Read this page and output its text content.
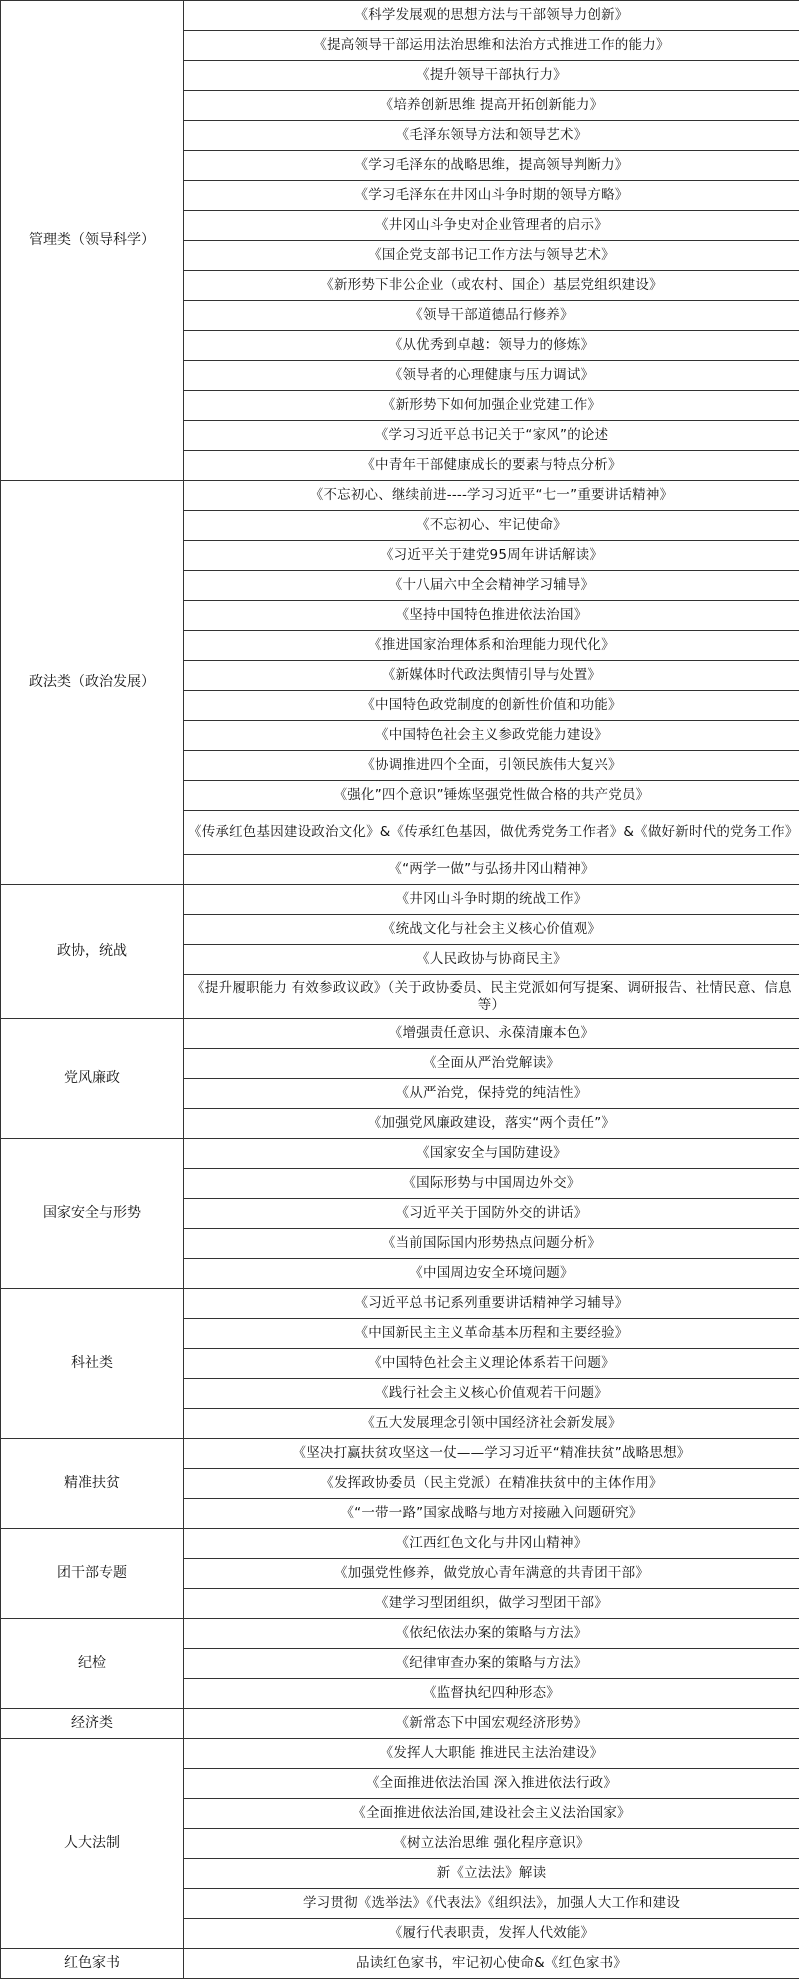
管理类（领导科学）	《科学发展观的思想方法与干部领导力创新》
	《提高领导干部运用法治思维和法治方式推进工作的能力》
	《提升领导干部执行力》
	《培养创新思维 提高开拓创新能力》
	《毛泽东领导方法和领导艺术》
	《学习毛泽东的战略思维，提高领导判断力》
	《学习毛泽东在井冈山斗争时期的领导方略》
	《井冈山斗争史对企业管理者的启示》
	《国企党支部书记工作方法与领导艺术》
	《新形势下非公企业（或农村、国企）基层党组织建设》
	《领导干部道德品行修养》
	《从优秀到卓越：领导力的修炼》
	《领导者的心理健康与压力调试》
	《新形势下如何加强企业党建工作》
	《学习习近平总书记关于“家风”的论述
	《中青年干部健康成长的要素与特点分析》
政法类（政治发展）	《不忘初心、继续前进----学习习近平“七一”重要讲话精神》
	《不忘初心、牢记使命》
	《习近平关于建党95周年讲话解读》
	《十八届六中全会精神学习辅导》
	《坚持中国特色推进依法治国》
	《推进国家治理体系和治理能力现代化》
	《新媒体时代政法舆情引导与处置》
	《中国特色政党制度的创新性价值和功能》
	《中国特色社会主义参政党能力建设》
	《协调推进四个全面，引领民族伟大复兴》
	《强化”四个意识”锤炼坚强党性做合格的共产党员》
	《传承红色基因建设政治文化》&《传承红色基因，做优秀党务工作者》&《做好新时代的党务工作》
	《“两学一做”与弘扬井冈山精神》
政协，统战	《井冈山斗争时期的统战工作》
	《统战文化与社会主义核心价值观》
	《人民政协与协商民主》
	《提升履职能力 有效参政议政》（关于政协委员、民主党派如何写提案、调研报告、社情民意、信息等）
党风廉政	《增强责任意识、永葆清廉本色》
	《全面从严治党解读》
	《从严治党，保持党的纯洁性》
	《加强党风廉政建设，落实“两个责任”》
国家安全与形势	《国家安全与国防建设》
	《国际形势与中国周边外交》
	《习近平关于国防外交的讲话》
	《当前国际国内形势热点问题分析》
	《中国周边安全环境问题》
科社类	《习近平总书记系列重要讲话精神学习辅导》
	《中国新民主主义革命基本历程和主要经验》
	《中国特色社会主义理论体系若干问题》
	《践行社会主义核心价值观若干问题》
	《五大发展理念引领中国经济社会新发展》
精准扶贫	《坚决打赢扶贫攻坚这一仗——学习习近平“精准扶贫”战略思想》
	《发挥政协委员（民主党派）在精准扶贫中的主体作用》
	《“一带一路”国家战略与地方对接融入问题研究》
团干部专题	《江西红色文化与井冈山精神》
	《加强党性修养，做党放心青年满意的共青团干部》
	《建学习型团组织，做学习型团干部》
纪检	《依纪依法办案的策略与方法》
	《纪律审查办案的策略与方法》
	《监督执纪四种形态》
经济类	《新常态下中国宏观经济形势》
人大法制	《发挥人大职能 推进民主法治建设》
	《全面推进依法治国 深入推进依法行政》
	《全面推进依法治国,建设社会主义法治国家》
	《树立法治思维 强化程序意识》
	新《立法法》解读
	学习贯彻《选举法》《代表法》《组织法》，加强人大工作和建设
	《履行代表职责，发挥人代效能》
红色家书	品读红色家书，牢记初心使命&《红色家书》
